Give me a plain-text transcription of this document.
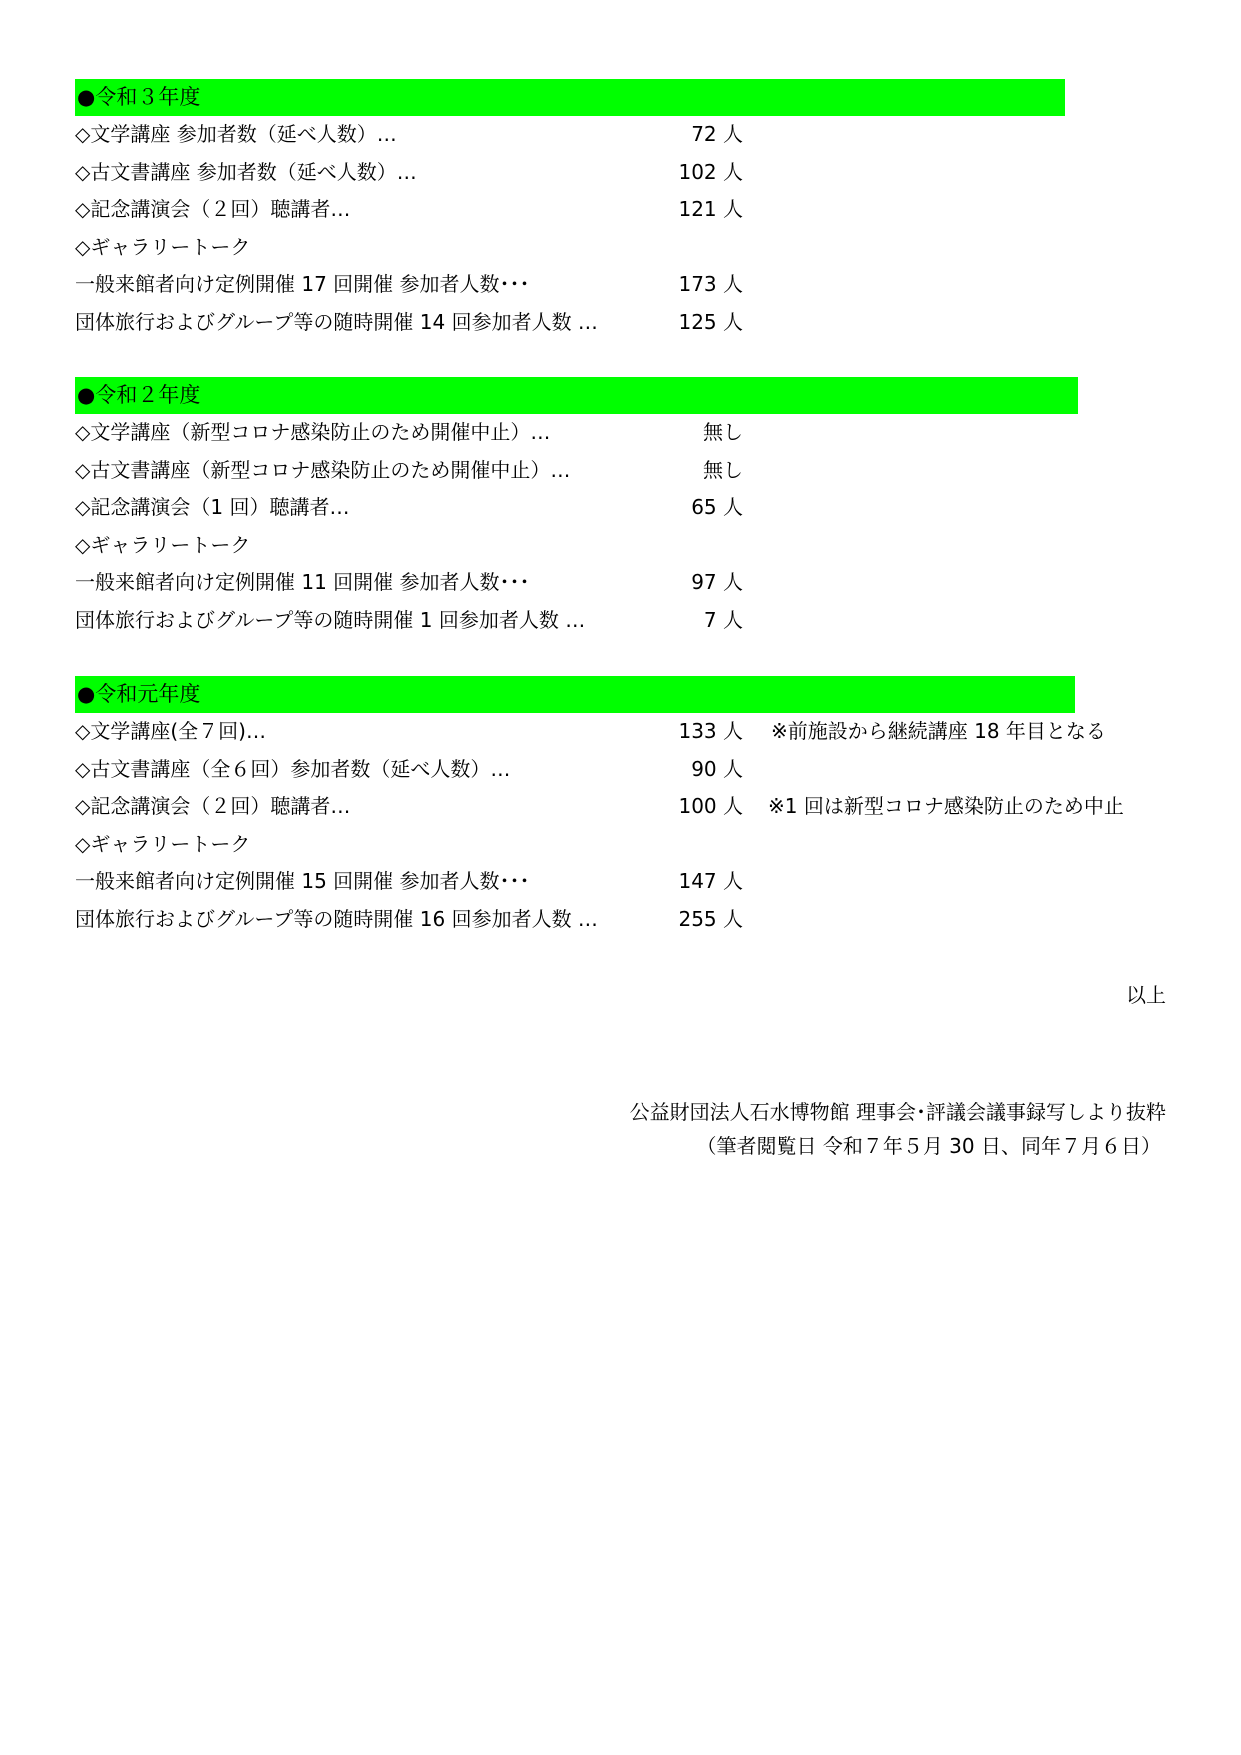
●令和３年度
◇文学講座 参加者数（延べ人数）…	72 人
◇古文書講座 参加者数（延べ人数）…	102 人
◇記念講演会（２回）聴講者…	121 人
◇ギャラリートーク
一般来館者向け定例開催 17 回開催 参加者人数･･･	173 人
団体旅行およびグループ等の随時開催 14 回参加者人数 …	125 人
●令和２年度
◇文学講座（新型コロナ感染防止のため開催中止）…	無し
◇古文書講座（新型コロナ感染防止のため開催中止）…	無し
◇記念講演会（1 回）聴講者…	65 人
◇ギャラリートーク
一般来館者向け定例開催 11 回開催 参加者人数･･･	97 人
団体旅行およびグループ等の随時開催 1 回参加者人数 …	7 人
●令和元年度
◇文学講座(全７回)…	133 人 ※前施設から継続講座 18 年目となる
◇古文書講座（全６回）参加者数（延べ人数）…	90 人
◇記念講演会（２回）聴講者…	100 人 ※1 回は新型コロナ感染防止のため中止
◇ギャラリートーク
一般来館者向け定例開催 15 回開催 参加者人数･･･	147 人
団体旅行およびグループ等の随時開催 16 回参加者人数 …	255 人
以上
公益財団法人石水博物館 理事会･評議会議事録写しより抜粋
（筆者閲覧日 令和７年５月 30 日、同年７月６日）
